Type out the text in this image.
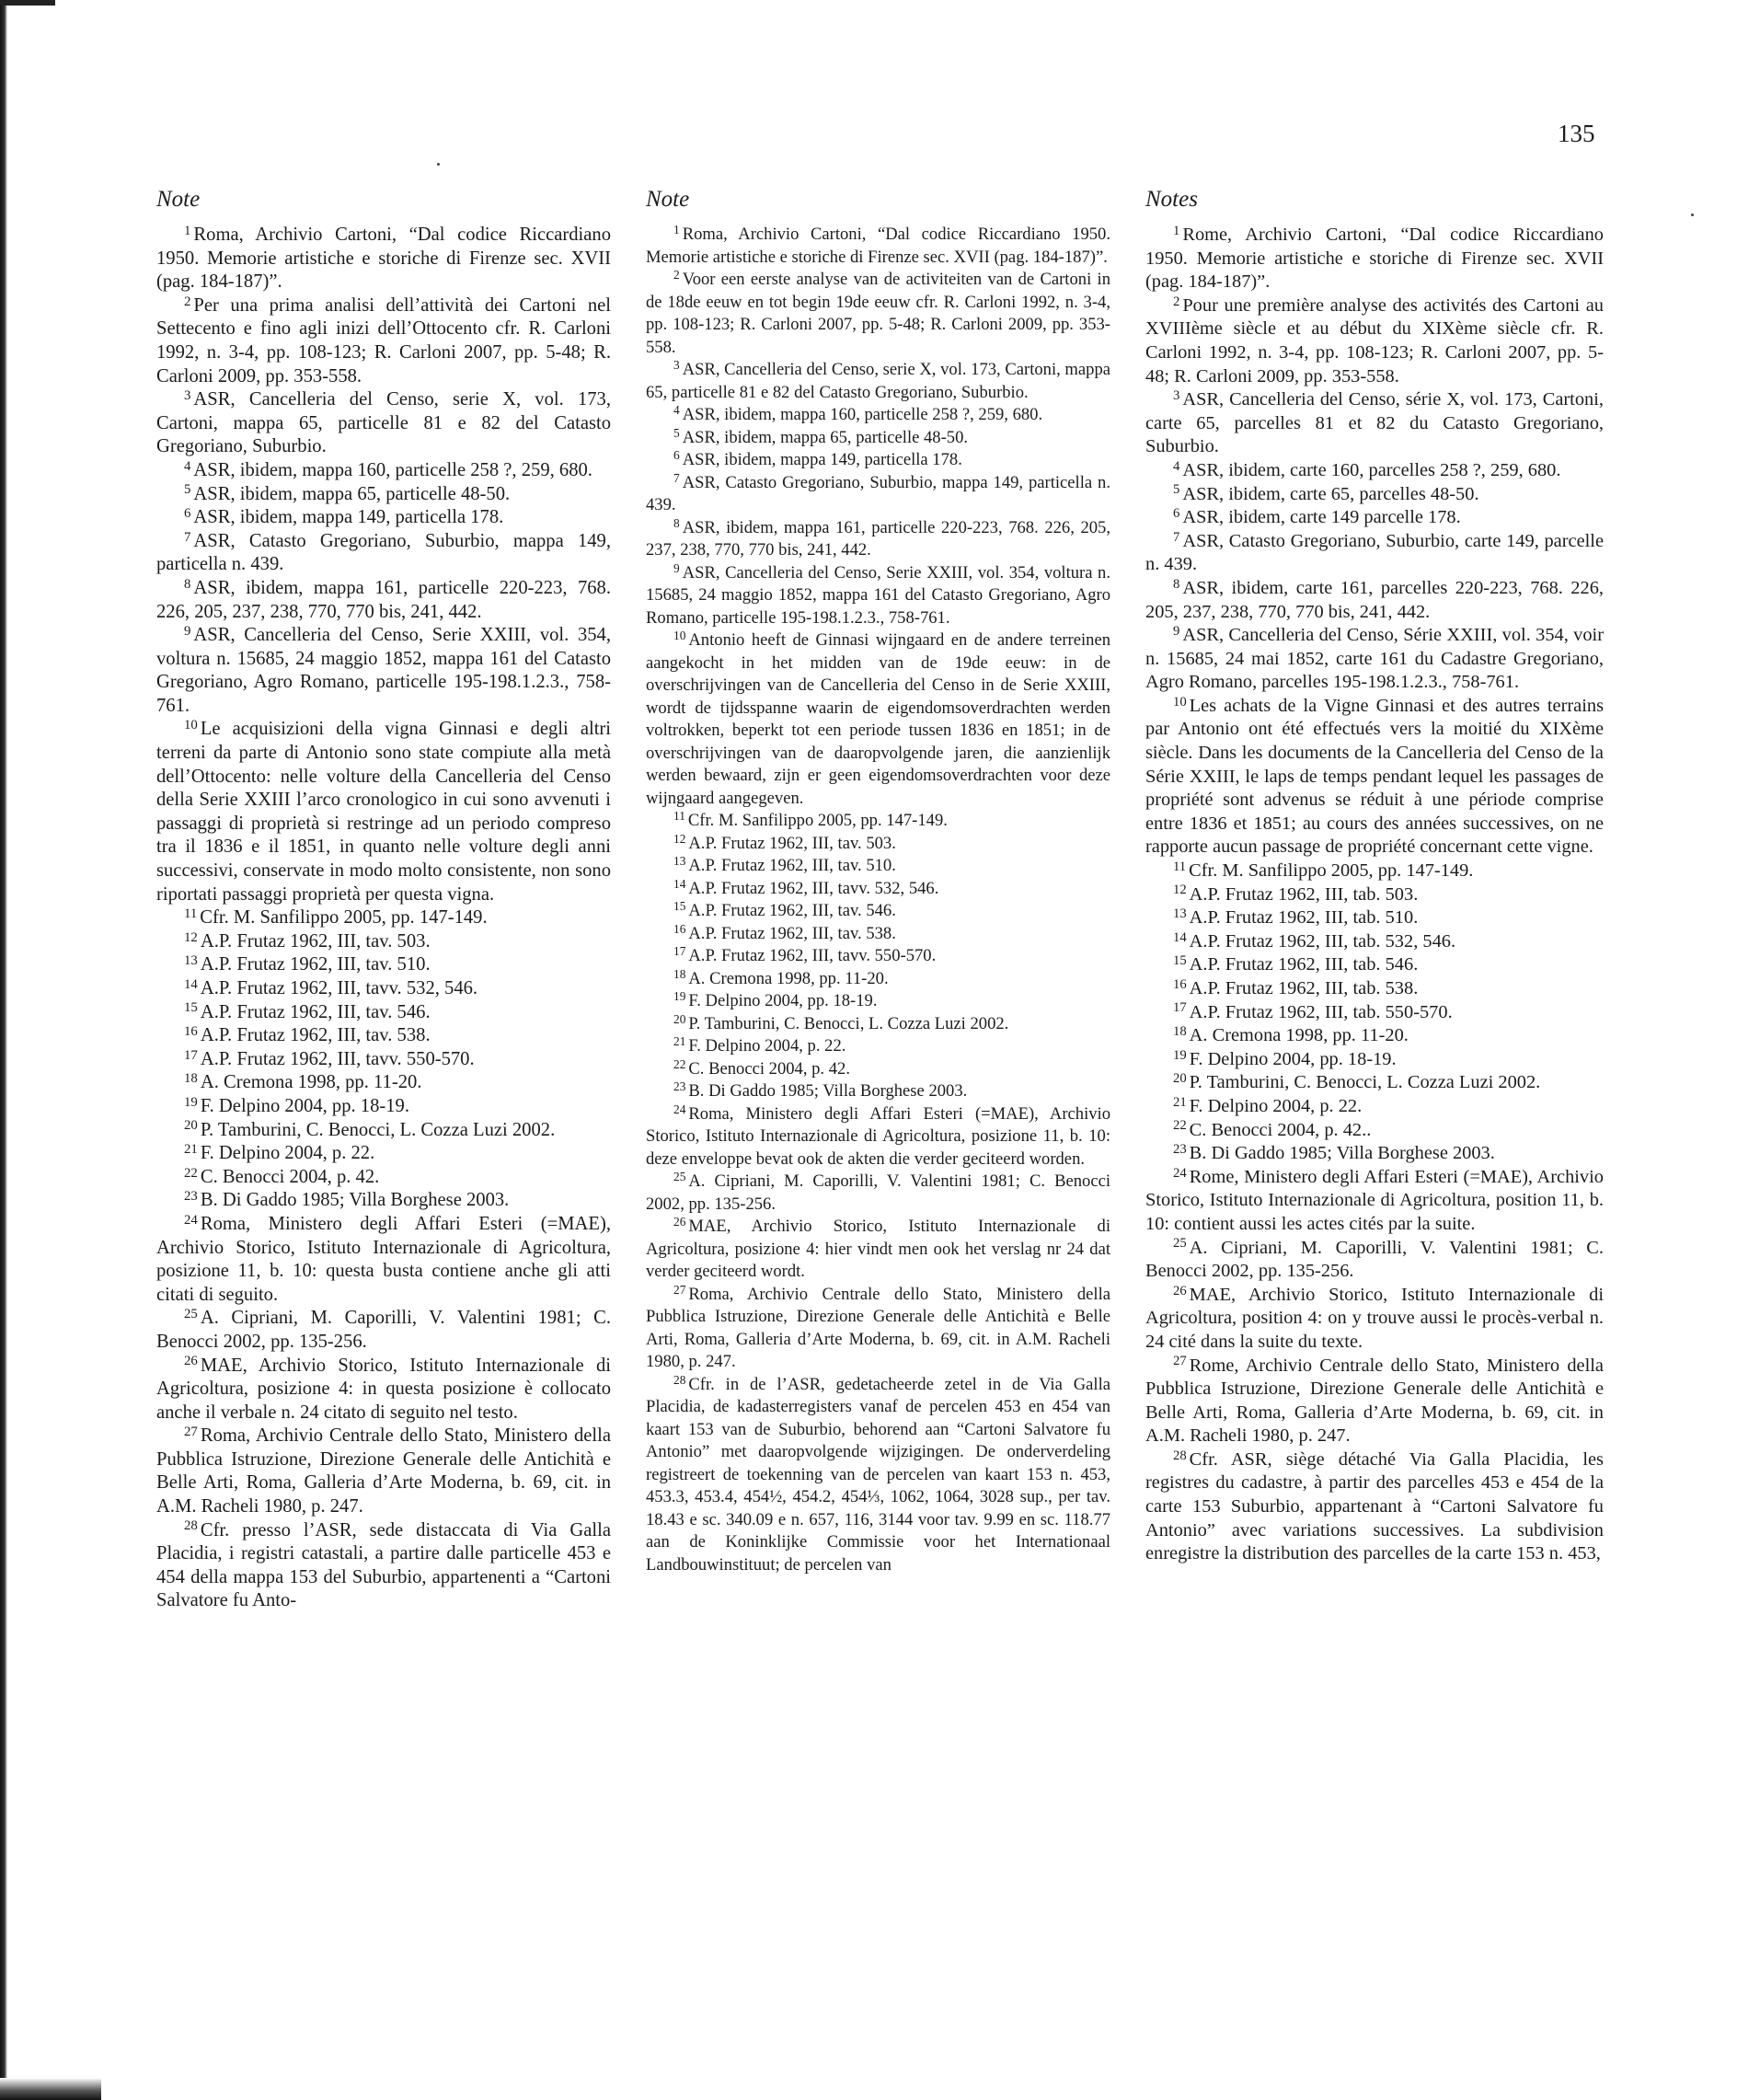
135
Note

$^1$ Roma, Archivio Cartoni, “Dal codice Riccardiano 1950. Memorie artistiche e storiche di Firenze sec. XVII (pag. 184-187)”.

$^2$ Per una prima analisi dell’attività dei Cartoni nel Settecento e fino agli inizi dell’Ottocento cfr. R. Carloni 1992, n. 3-4, pp. 108-123; R. Carloni 2007, pp. 5-48; R. Carloni 2009, pp. 353-558.

$^3$ ASR, Cancelleria del Censo, serie X, vol. 173, Cartoni, mappa 65, particelle 81 e 82 del Catasto Gregoriano, Suburbio.

$^4$ ASR, ibidem, mappa 160, particelle 258 ?, 259, 680.

$^5$ ASR, ibidem, mappa 65, particelle 48-50.

$^6$ ASR, ibidem, mappa 149, particella 178.

$^7$ ASR, Catasto Gregoriano, Suburbio, mappa 149, particella n. 439.

$^8$ ASR, ibidem, mappa 161, particelle 220-223, 768. 226, 205, 237, 238, 770, 770 bis, 241, 442.

$^9$ ASR, Cancelleria del Censo, Serie XXIII, vol. 354, voltura n. 15685, 24 maggio 1852, mappa 161 del Catasto Gregoriano, Agro Romano, particelle 195-198.1.2.3., 758-761.

$^{10}$ Le acquisizioni della vigna Ginnasi e degli altri terreni da parte di Antonio sono state compiute alla metà dell’Ottocento: nelle volture della Cancelleria del Censo della Serie XXIII l’arco cronologico in cui sono avvenuti i passaggi di proprietà si restringe ad un periodo compreso tra il 1836 e il 1851, in quanto nelle volture degli anni successivi, conservate in modo molto consistente, non sono riportati passaggi proprietà per questa vigna.

$^{11}$ Cfr. M. Sanfilippo 2005, pp. 147-149.

$^{12}$ A.P. Frutaz 1962, III, tav. 503.

$^{13}$ A.P. Frutaz 1962, III, tav. 510.

$^{14}$ A.P. Frutaz 1962, III, tavv. 532, 546.

$^{15}$ A.P. Frutaz 1962, III, tav. 546.

$^{16}$ A.P. Frutaz 1962, III, tav. 538.

$^{17}$ A.P. Frutaz 1962, III, tavv. 550-570.

$^{18}$ A. Cremona 1998, pp. 11-20.

$^{19}$ F. Delpino 2004, pp. 18-19.

$^{20}$ P. Tamburini, C. Benocci, L. Cozza Luzi 2002.

$^{21}$ F. Delpino 2004, p. 22.

$^{22}$ C. Benocci 2004, p. 42.

$^{23}$ B. Di Gaddo 1985; Villa Borghese 2003.

$^{24}$ Roma, Ministero degli Affari Esteri (=MAE), Archivio Storico, Istituto Internazionale di Agricoltura, posizione 11, b. 10: questa busta contiene anche gli atti citati di seguito.

$^{25}$ A. Cipriani, M. Caporilli, V. Valentini 1981; C. Benocci 2002, pp. 135-256.

$^{26}$ MAE, Archivio Storico, Istituto Internazionale di Agricoltura, posizione 4: in questa posizione è collocato anche il verbale n. 24 citato di seguito nel testo.

$^{27}$ Roma, Archivio Centrale dello Stato, Ministero della Pubblica Istruzione, Direzione Generale delle Antichità e Belle Arti, Roma, Galleria d’Arte Moderna, b. 69, cit. in A.M. Racheli 1980, p. 247.

$^{28}$ Cfr. presso l’ASR, sede distaccata di Via Galla Placidia, i registri catastali, a partire dalle particelle 453 e 454 della mappa 153 del Suburbio, appartenenti a “Cartoni Salvatore fu Anto-

Note

$^1$ Roma, Archivio Cartoni, “Dal codice Riccardiano 1950. Memorie artistiche e storiche di Firenze sec. XVII (pag. 184-187)”.

$^2$ Voor een eerste analyse van de activiteiten van de Cartoni in de 18de eeuw en tot begin 19de eeuw cfr. R. Carloni 1992, n. 3-4, pp. 108-123; R. Carloni 2007, pp. 5-48; R. Carloni 2009, pp. 353-558.

$^3$ ASR, Cancelleria del Censo, serie X, vol. 173, Cartoni, mappa 65, particelle 81 e 82 del Catasto Gregoriano, Suburbio.

$^4$ ASR, ibidem, mappa 160, particelle 258 ?, 259, 680.

$^5$ ASR, ibidem, mappa 65, particelle 48-50.

$^6$ ASR, ibidem, mappa 149, particella 178.

$^7$ ASR, Catasto Gregoriano, Suburbio, mappa 149, particella n. 439.

$^8$ ASR, ibidem, mappa 161, particelle 220-223, 768. 226, 205, 237, 238, 770, 770 bis, 241, 442.

$^9$ ASR, Cancelleria del Censo, Serie XXIII, vol. 354, voltura n. 15685, 24 maggio 1852, mappa 161 del Catasto Gregoriano, Agro Romano, particelle 195-198.1.2.3., 758-761.

$^{10}$ Antonio heeft de Ginnasi wijngaard en de andere terreinen aangekocht in het midden van de 19de eeuw: in de overschrijvingen van de Cancelleria del Censo in de Serie XXIII, wordt de tijdsspanne waarin de eigendomsoverdrachten werden voltrokken, beperkt tot een periode tussen 1836 en 1851; in de overschrijvingen van de daaropvolgende jaren, die aanzienlijk werden bewaard, zijn er geen eigendomsoverdrachten voor deze wijngaard aangegeven.

$^{11}$ Cfr. M. Sanfilippo 2005, pp. 147-149.

$^{12}$ A.P. Frutaz 1962, III, tav. 503.

$^{13}$ A.P. Frutaz 1962, III, tav. 510.

$^{14}$ A.P. Frutaz 1962, III, tavv. 532, 546.

$^{15}$ A.P. Frutaz 1962, III, tav. 546.

$^{16}$ A.P. Frutaz 1962, III, tav. 538.

$^{17}$ A.P. Frutaz 1962, III, tavv. 550-570.

$^{18}$ A. Cremona 1998, pp. 11-20.

$^{19}$ F. Delpino 2004, pp. 18-19.

$^{20}$ P. Tamburini, C. Benocci, L. Cozza Luzi 2002.

$^{21}$ F. Delpino 2004, p. 22.

$^{22}$ C. Benocci 2004, p. 42.

$^{23}$ B. Di Gaddo 1985; Villa Borghese 2003.

$^{24}$ Roma, Ministero degli Affari Esteri (=MAE), Archivio Storico, Istituto Internazionale di Agricoltura, posizione 11, b. 10: deze enveloppe bevat ook de akten die verder geciteerd worden.

$^{25}$ A. Cipriani, M. Caporilli, V. Valentini 1981; C. Benocci 2002, pp. 135-256.

$^{26}$ MAE, Archivio Storico, Istituto Internazionale di Agricoltura, posizione 4: hier vindt men ook het verslag nr 24 dat verder geciteerd wordt.

$^{27}$ Roma, Archivio Centrale dello Stato, Ministero della Pubblica Istruzione, Direzione Generale delle Antichità e Belle Arti, Roma, Galleria d’Arte Moderna, b. 69, cit. in A.M. Racheli 1980, p. 247.

$^{28}$ Cfr. in de l’ASR, gedetacheerde zetel in de Via Galla Placidia, de kadasterregisters vanaf de percelen 453 en 454 van kaart 153 van de Suburbio, behorend aan “Cartoni Salvatore fu Antonio” met daaropvolgende wijzigingen. De onderverdeling registreert de toekenning van de percelen van kaart 153 n. 453, 453.3, 453.4, 454½, 454.2, 454⅓, 1062, 1064, 3028 sup., per tav. 18.43 e sc. 340.09 e n. 657, 116, 3144 voor tav. 9.99 en sc. 118.77 aan de Koninklijke Commissie voor het Internationaal Landbouwinstituut; de percelen van

Notes

$^1$ Rome, Archivio Cartoni, “Dal codice Riccardiano 1950. Memorie artistiche e storiche di Firenze sec. XVII (pag. 184-187)”.

$^2$ Pour une première analyse des activités des Cartoni au XVIIIème siècle et au début du XIXème siècle cfr. R. Carloni 1992, n. 3-4, pp. 108-123; R. Carloni 2007, pp. 5-48; R. Carloni 2009, pp. 353-558.

$^3$ ASR, Cancelleria del Censo, série X, vol. 173, Cartoni, carte 65, parcelles 81 et 82 du Catasto Gregoriano, Suburbio.

$^4$ ASR, ibidem, carte 160, parcelles 258 ?, 259, 680.

$^5$ ASR, ibidem, carte 65, parcelles 48-50.

$^6$ ASR, ibidem, carte 149 parcelle 178.

$^7$ ASR, Catasto Gregoriano, Suburbio, carte 149, parcelle n. 439.

$^8$ ASR, ibidem, carte 161, parcelles 220-223, 768. 226, 205, 237, 238, 770, 770 bis, 241, 442.

$^9$ ASR, Cancelleria del Censo, Série XXIII, vol. 354, voir n. 15685, 24 mai 1852, carte 161 du Cadastre Gregoriano, Agro Romano, parcelles 195-198.1.2.3., 758-761.

$^{10}$ Les achats de la Vigne Ginnasi et des autres terrains par Antonio ont été effectués vers la moitié du XIXème siècle. Dans les documents de la Cancelleria del Censo de la Série XXIII, le laps de temps pendant lequel les passages de propriété sont advenus se réduit à une période comprise entre 1836 et 1851; au cours des années successives, on ne rapporte aucun passage de propriété concernant cette vigne.

$^{11}$ Cfr. M. Sanfilippo 2005, pp. 147-149.

$^{12}$ A.P. Frutaz 1962, III, tab. 503.

$^{13}$ A.P. Frutaz 1962, III, tab. 510.

$^{14}$ A.P. Frutaz 1962, III, tab. 532, 546.

$^{15}$ A.P. Frutaz 1962, III, tab. 546.

$^{16}$ A.P. Frutaz 1962, III, tab. 538.

$^{17}$ A.P. Frutaz 1962, III, tab. 550-570.

$^{18}$ A. Cremona 1998, pp. 11-20.

$^{19}$ F. Delpino 2004, pp. 18-19.

$^{20}$ P. Tamburini, C. Benocci, L. Cozza Luzi 2002.

$^{21}$ F. Delpino 2004, p. 22.

$^{22}$ C. Benocci 2004, p. 42..

$^{23}$ B. Di Gaddo 1985; Villa Borghese 2003.

$^{24}$ Rome, Ministero degli Affari Esteri (=MAE), Archivio Storico, Istituto Internazionale di Agricoltura, position 11, b. 10: contient aussi les actes cités par la suite.

$^{25}$ A. Cipriani, M. Caporilli, V. Valentini 1981; C. Benocci 2002, pp. 135-256.

$^{26}$ MAE, Archivio Storico, Istituto Internazionale di Agricoltura, position 4: on y trouve aussi le procès-verbal n. 24 cité dans la suite du texte.

$^{27}$ Rome, Archivio Centrale dello Stato, Ministero della Pubblica Istruzione, Direzione Generale delle Antichità e Belle Arti, Roma, Galleria d’Arte Moderna, b. 69, cit. in A.M. Racheli 1980, p. 247.

$^{28}$ Cfr. ASR, siège détaché Via Galla Placidia, les registres du cadastre, à partir des parcelles 453 e 454 de la carte 153 Suburbio, appartenant à “Cartoni Salvatore fu Antonio” avec variations successives. La subdivision enregistre la distribution des parcelles de la carte 153 n. 453,
